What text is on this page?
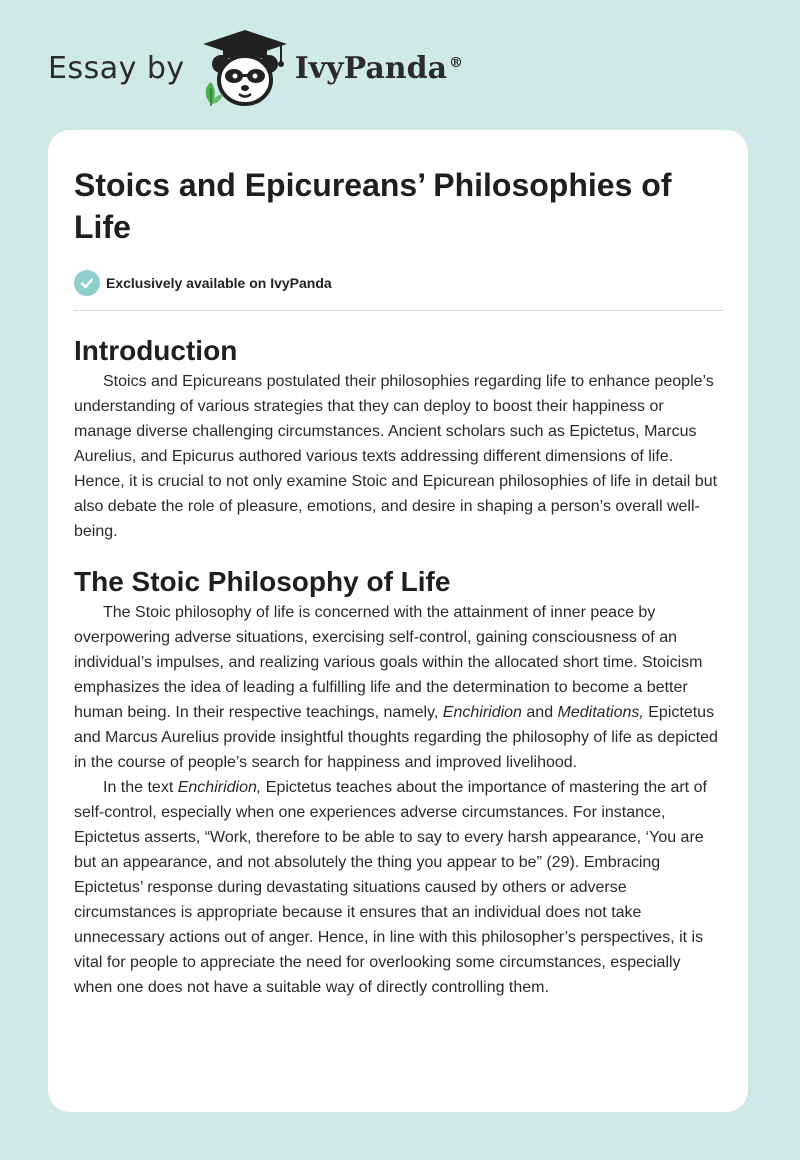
Essay by	IvyPanda ®
Stoics and Epicureans’ Philosophies of Life
Exclusively available on IvyPanda
Introduction

Stoics and Epicureans postulated their philosophies regarding life to enhance people’s understanding of various strategies that they can deploy to boost their happiness or manage diverse challenging circumstances. Ancient scholars such as Epictetus, Marcus Aurelius, and Epicurus authored various texts addressing different dimensions of life. Hence, it is crucial to not only examine Stoic and Epicurean philosophies of life in detail but also debate the role of pleasure, emotions, and desire in shaping a person’s overall well-being.

The Stoic Philosophy of Life

The Stoic philosophy of life is concerned with the attainment of inner peace by overpowering adverse situations, exercising self-control, gaining consciousness of an individual’s impulses, and realizing various goals within the allocated short time. Stoicism emphasizes the idea of leading a fulfilling life and the determination to become a better human being. In their respective teachings, namely, Enchiridion and Meditations, Epictetus and Marcus Aurelius provide insightful thoughts regarding the philosophy of life as depicted in the course of people’s search for happiness and improved livelihood.

In the text Enchiridion, Epictetus teaches about the importance of mastering the art of self-control, especially when one experiences adverse circumstances. For instance, Epictetus asserts, “Work, therefore to be able to say to every harsh appearance, ‘You are but an appearance, and not absolutely the thing you appear to be” (29). Embracing Epictetus’ response during devastating situations caused by others or adverse circumstances is appropriate because it ensures that an individual does not take unnecessary actions out of anger. Hence, in line with this philosopher’s perspectives, it is vital for people to appreciate the need for overlooking some circumstances, especially when one does not have a suitable way of directly controlling them.
